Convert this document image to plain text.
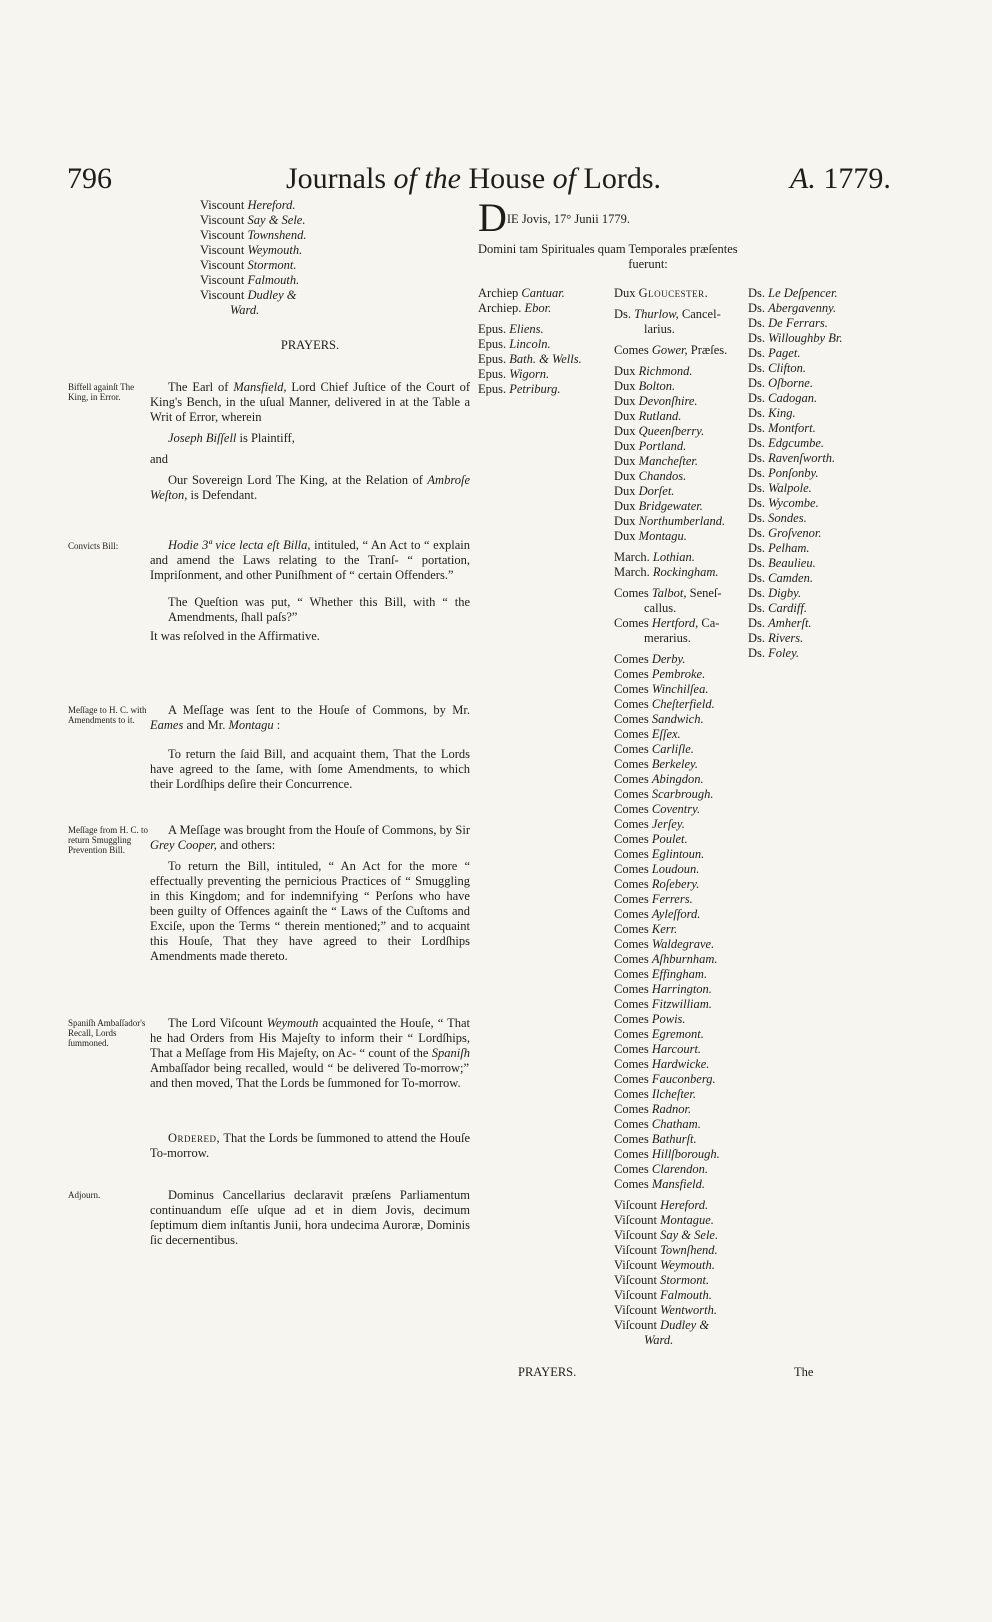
796	Journals of the House of Lords.	A. 1779.
Viscount Hereford.
Viscount Say & Sele.
Viscount Townshend.
Viscount Weymouth.
Viscount Stormont.
Viscount Falmouth.
Viscount Dudley &
Ward.
PRAYERS.

The Earl of Mansfield, Lord Chief Juſtice of the Court of King's Bench, in the uſual Manner, delivered in at the Table a Writ of Error, wherein

Joseph Biſſell is Plaintiff,

and

Our Sovereign Lord The King, at the Relation of Ambroſe Weſton, is Defendant.

Hodie 3ª vice lecta eſt Billa, intituled, “ An Act to “ explain and amend the Laws relating to the Tranſ- “ portation, Impriſonment, and other Puniſhment of “ certain Offenders.”

The Queſtion was put, “ Whether this Bill, with “ the Amendments, ſhall paſs?”

It was reſolved in the Affirmative.

A Meſſage was ſent to the Houſe of Commons, by Mr. Eames and Mr. Montagu :

To return the ſaid Bill, and acquaint them, That the Lords have agreed to the ſame, with ſome Amendments, to which their Lordſhips deſire their Concurrence.

A Meſſage was brought from the Houſe of Commons, by Sir Grey Cooper, and others:

To return the Bill, intituled, “ An Act for the more “ effectually preventing the pernicious Practices of “ Smuggling in this Kingdom; and for indemnifying “ Perſons who have been guilty of Offences againſt the “ Laws of the Cuſtoms and Exciſe, upon the Terms “ therein mentioned;” and to acquaint this Houſe, That they have agreed to their Lordſhips Amendments made thereto.

The Lord Viſcount Weymouth acquainted the Houſe, “ That he had Orders from His Majeſty to inform their “ Lordſhips, That a Meſſage from His Majeſty, on Ac- “ count of the Spaniſh Ambaſſador being recalled, would “ be delivered To-morrow;” and then moved, That the Lords be ſummoned for To-morrow.

Ordered, That the Lords be ſummoned to attend the Houſe To-morrow.

Dominus Cancellarius declaravit præſens Parliamentum continuandum eſſe uſque ad et in diem Jovis, decimum ſeptimum diem inſtantis Junii, hora undecima Auroræ, Dominis ſic decernentibus.

Biffell againſt The King, in Error.
Convicts Bill:
Meſſage to H. C. with Amendments to it.
Meſſage from H. C. to return Smuggling Prevention Bill.
Spaniſh Ambaſſador's Recall, Lords ſummoned.
Adjourn.
DIE Jovis, 17° Junii 1779.

Domini tam Spirituales quam Temporales præſentes

fuerunt:

Archiep Cantuar.
Archiep. Ebor.
Epus. Eliens.
Epus. Lincoln.
Epus. Bath. & Wells.
Epus. Wigorn.
Epus. Petriburg.
Dux Gloucester.
Ds. Thurlow, Cancel-
larius.
Comes Gower, Præſes.
Dux Richmond.
Dux Bolton.
Dux Devonſhire.
Dux Rutland.
Dux Queenſberry.
Dux Portland.
Dux Mancheſter.
Dux Chandos.
Dux Dorſet.
Dux Bridgewater.
Dux Northumberland.
Dux Montagu.
March. Lothian.
March. Rockingham.
Comes Talbot, Seneſ-
callus.
Comes Hertford, Ca-
merarius.
Comes Derby.
Comes Pembroke.
Comes Winchilſea.
Comes Cheſterfield.
Comes Sandwich.
Comes Eſſex.
Comes Carliſle.
Comes Berkeley.
Comes Abingdon.
Comes Scarbrough.
Comes Coventry.
Comes Jerſey.
Comes Poulet.
Comes Eglintoun.
Comes Loudoun.
Comes Roſebery.
Comes Ferrers.
Comes Ayleſford.
Comes Kerr.
Comes Waldegrave.
Comes Aſhburnham.
Comes Effingham.
Comes Harrington.
Comes Fitzwilliam.
Comes Powis.
Comes Egremont.
Comes Harcourt.
Comes Hardwicke.
Comes Fauconberg.
Comes Ilcheſter.
Comes Radnor.
Comes Chatham.
Comes Bathurſt.
Comes Hillſborough.
Comes Clarendon.
Comes Mansfield.
Viſcount Hereford.
Viſcount Montague.
Viſcount Say & Sele.
Viſcount Townſhend.
Viſcount Weymouth.
Viſcount Stormont.
Viſcount Falmouth.
Viſcount Wentworth.
Viſcount Dudley &
Ward.
Ds. Le Deſpencer.
Ds. Abergavenny.
Ds. De Ferrars.
Ds. Willoughby Br.
Ds. Paget.
Ds. Clifton.
Ds. Oſborne.
Ds. Cadogan.
Ds. King.
Ds. Montfort.
Ds. Edgcumbe.
Ds. Ravenſworth.
Ds. Ponſonby.
Ds. Walpole.
Ds. Wycombe.
Ds. Sondes.
Ds. Groſvenor.
Ds. Pelham.
Ds. Beaulieu.
Ds. Camden.
Ds. Digby.
Ds. Cardiff.
Ds. Amherſt.
Ds. Rivers.
Ds. Foley.
PRAYERS.	The
